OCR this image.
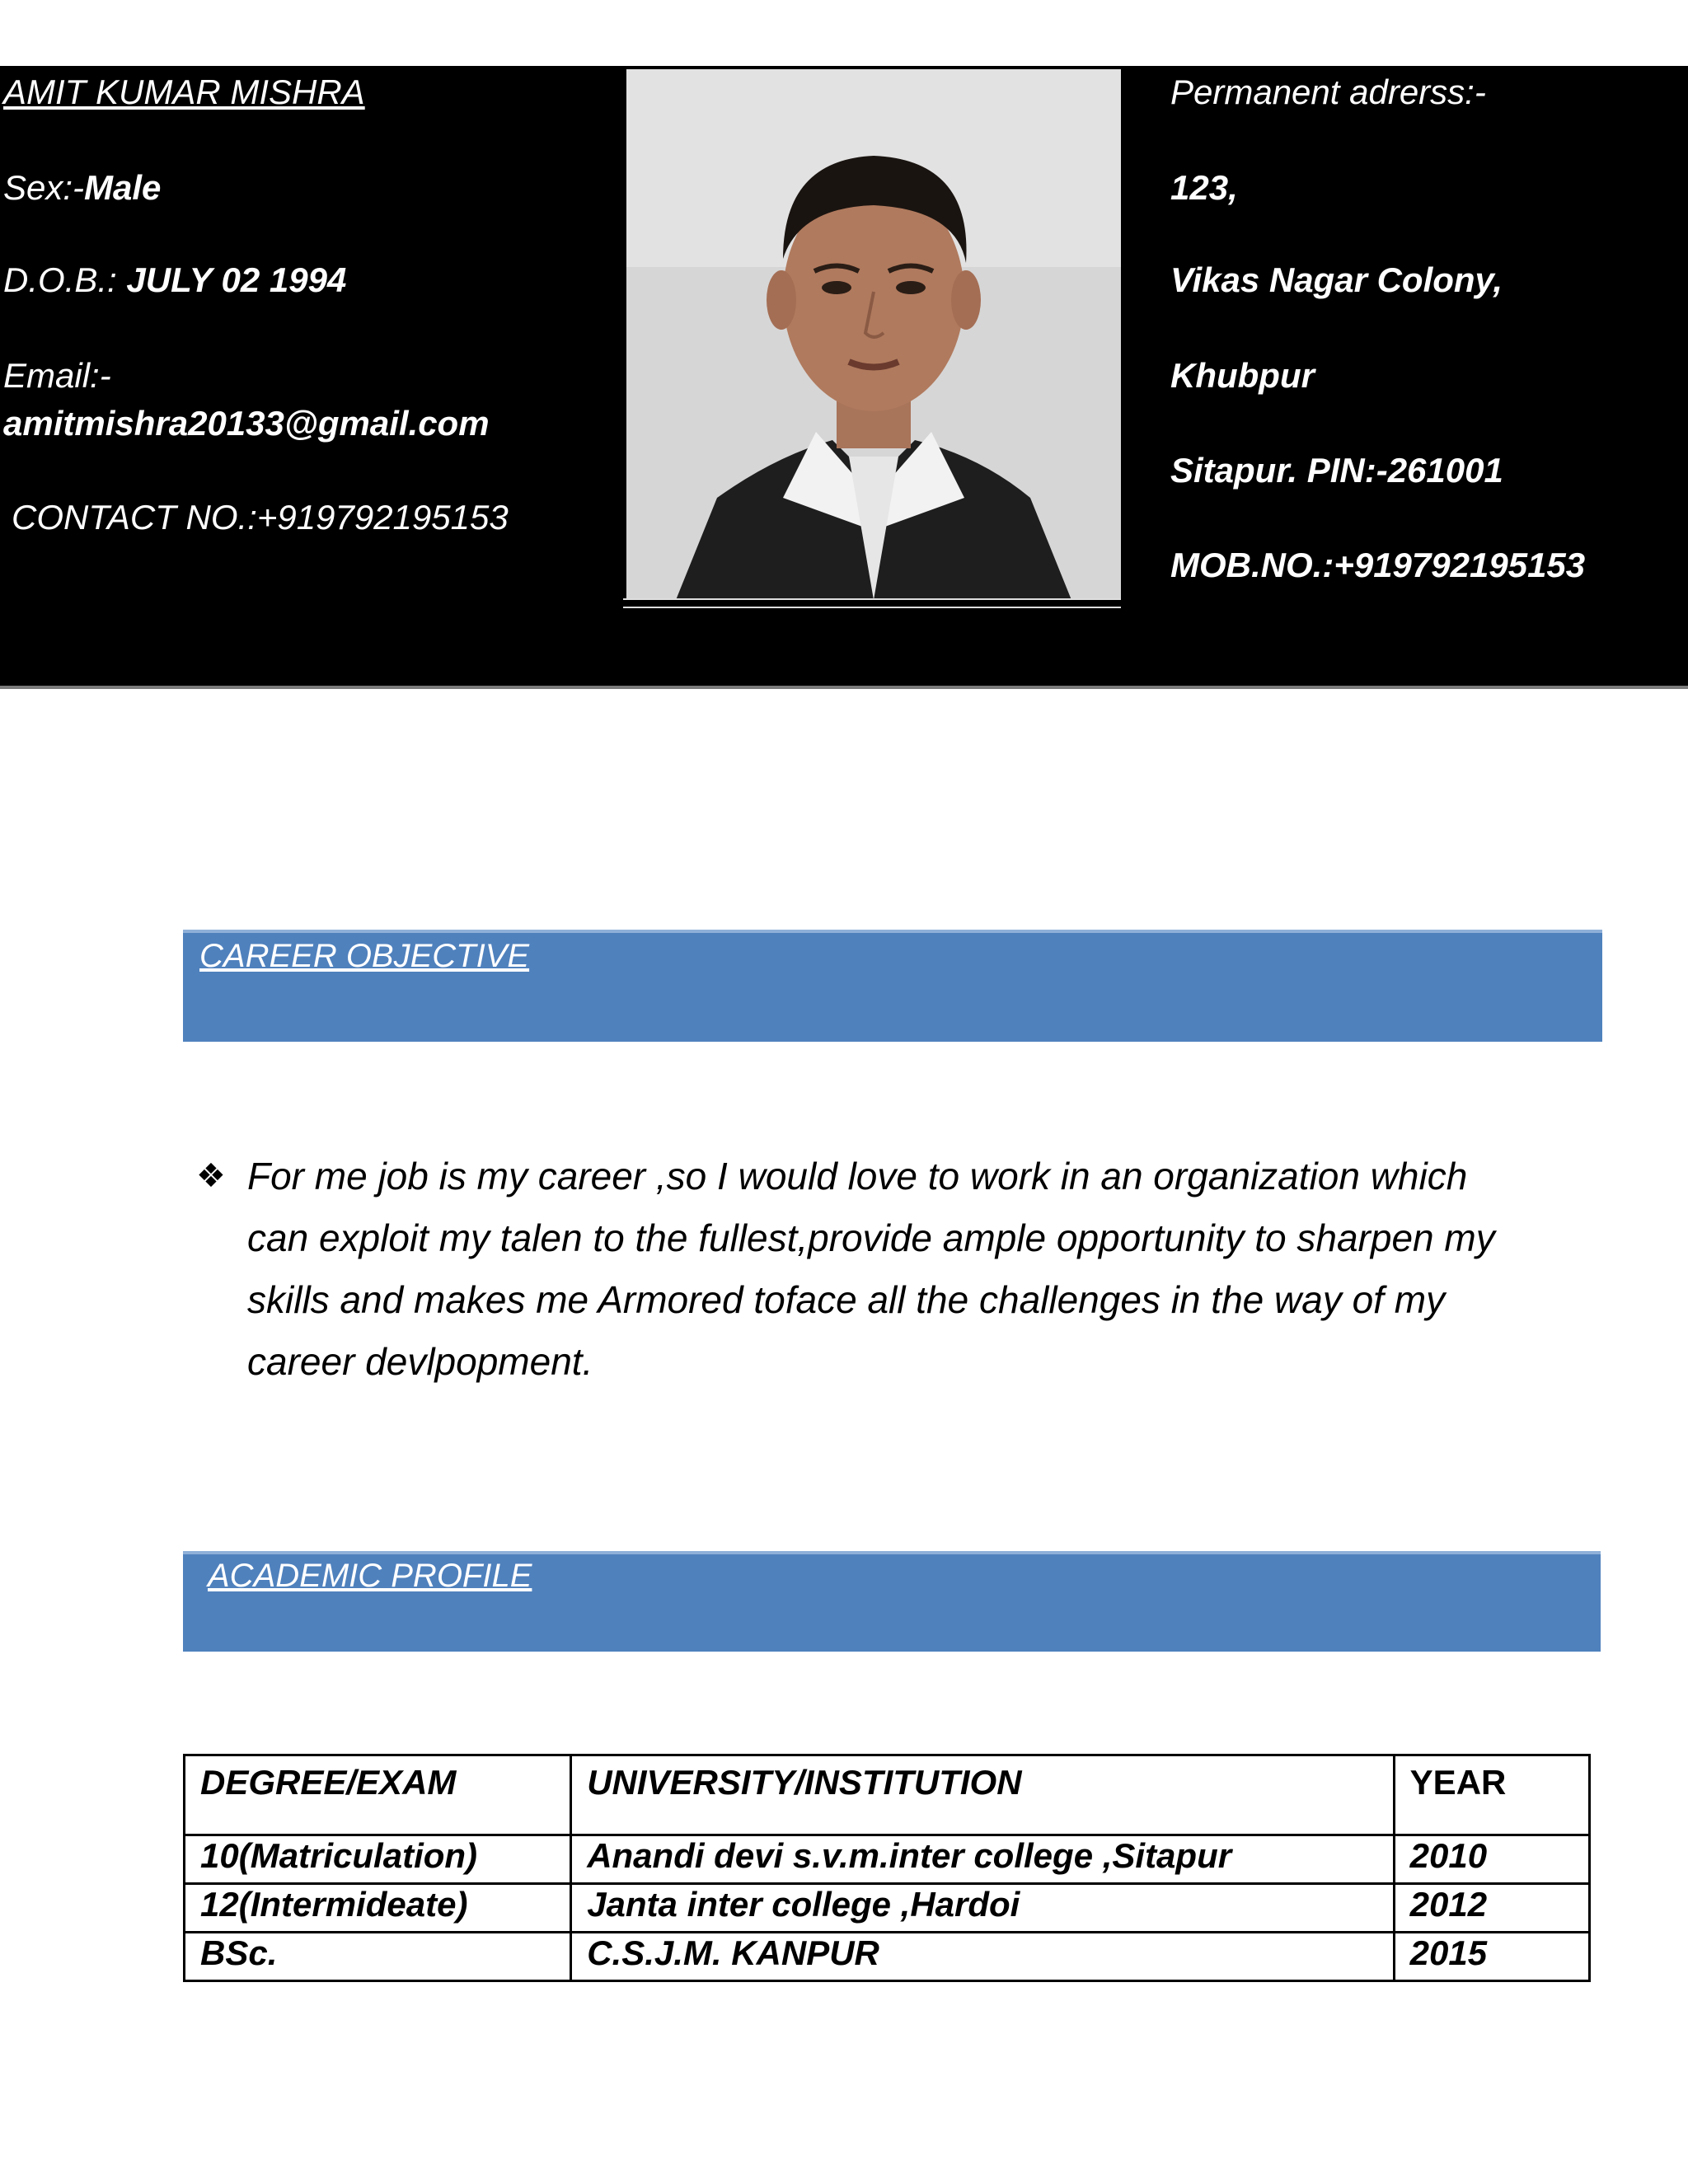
AMIT KUMAR MISHRA
Sex:-Male
D.O.B.: JULY 02 1994
Email:-
amitmishra20133@gmail.com
CONTACT NO.:+919792195153
Permanent adrerss:-
123,
Vikas Nagar Colony,
Khubpur
Sitapur. PIN:-261001
MOB.NO.:+919792195153
CAREER OBJECTIVE
❖ For me job is my career ,so I would love to work in an organization which can exploit my talen to the fullest,provide ample opportunity to sharpen my skills and makes me Armored toface all the challenges in the way of my career devlpopment.
ACADEMIC PROFILE
DEGREE/EXAM	UNIVERSITY/INSTITUTION	YEAR
10(Matriculation)	Anandi devi s.v.m.inter college ,Sitapur	2010
12(Intermideate)	Janta inter college ,Hardoi	2012
BSc.	C.S.J.M. KANPUR	2015
